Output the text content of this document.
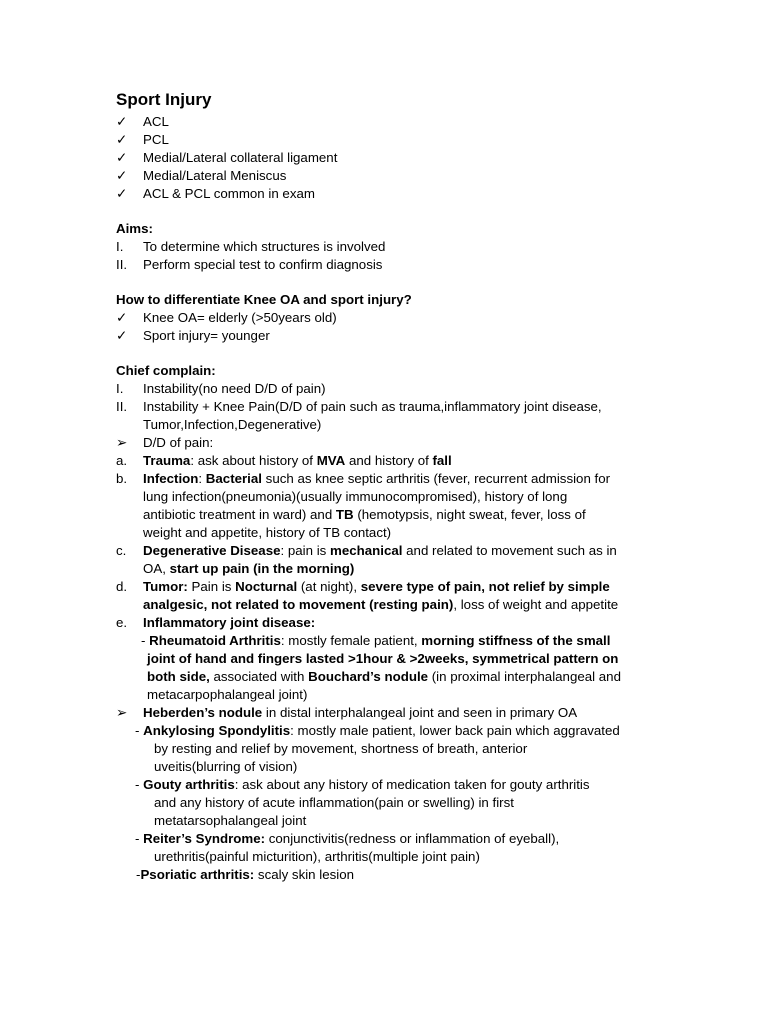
Sport Injury
✓	ACL
✓	PCL
✓	Medial/Lateral collateral ligament
✓	Medial/Lateral Meniscus
✓	ACL & PCL common in exam
Aims:
I.	To determine which structures is involved
II.	Perform special test to confirm diagnosis
How to differentiate Knee OA and sport injury?
✓	Knee OA= elderly (>50years old)
✓	Sport injury= younger
Chief complain:
I.	Instability(no need D/D of pain)
II.	Instability + Knee Pain(D/D of pain such as trauma,inflammatory joint disease,
Tumor,Infection,Degenerative)
➢	D/D of pain:
a.	Trauma: ask about history of MVA and history of fall
b.	Infection: Bacterial such as knee septic arthritis (fever, recurrent admission for
lung infection(pneumonia)(usually immunocompromised), history of long
antibiotic treatment in ward) and TB (hemotypsis, night sweat, fever, loss of
weight and appetite, history of TB contact)
c.	Degenerative Disease: pain is mechanical and related to movement such as in
OA, start up pain (in the morning)
d.	Tumor: Pain is Nocturnal (at night), severe type of pain, not relief by simple
analgesic, not related to movement (resting pain), loss of weight and appetite
e.	Inflammatory joint disease:
- Rheumatoid Arthritis: mostly female patient, morning stiffness of the small
joint of hand and fingers lasted >1hour & >2weeks, symmetrical pattern on
both side, associated with Bouchard’s nodule (in proximal interphalangeal and
metacarpophalangeal joint)
➢	Heberden’s nodule in distal interphalangeal joint and seen in primary OA
- Ankylosing Spondylitis: mostly male patient, lower back pain which aggravated
by resting and relief by movement, shortness of breath, anterior
uveitis(blurring of vision)
- Gouty arthritis: ask about any history of medication taken for gouty arthritis
and any history of acute inflammation(pain or swelling) in first
metatarsophalangeal joint
- Reiter’s Syndrome: conjunctivitis(redness or inflammation of eyeball),
urethritis(painful micturition), arthritis(multiple joint pain)
-Psoriatic arthritis: scaly skin lesion
